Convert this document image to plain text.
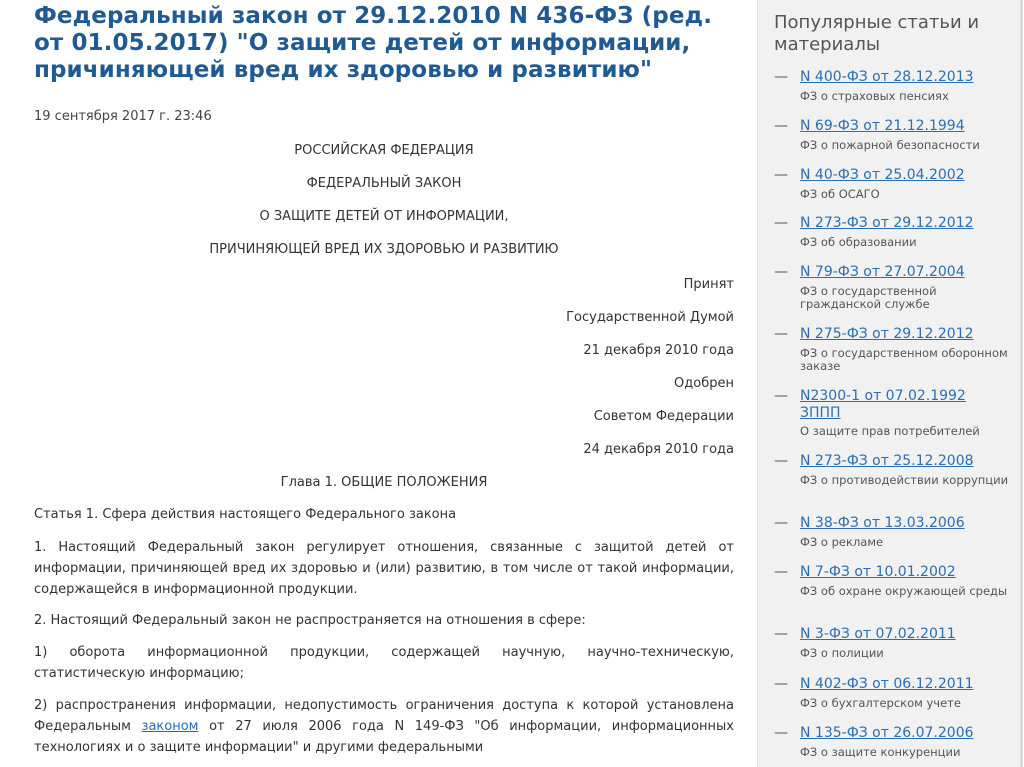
Федеральный закон от 29.12.2010 N 436-ФЗ (ред. от 01.05.2017) "О защите детей от информации, причиняющей вред их здоровью и развитию"
19 сентября 2017 г. 23:46
РОССИЙСКАЯ ФЕДЕРАЦИЯ
ФЕДЕРАЛЬНЫЙ ЗАКОН
О ЗАЩИТЕ ДЕТЕЙ ОТ ИНФОРМАЦИИ,
ПРИЧИНЯЮЩЕЙ ВРЕД ИХ ЗДОРОВЬЮ И РАЗВИТИЮ
Принят
Государственной Думой
21 декабря 2010 года
Одобрен
Советом Федерации
24 декабря 2010 года
Глава 1. ОБЩИЕ ПОЛОЖЕНИЯ
Статья 1. Сфера действия настоящего Федерального закона

1. Настоящий Федеральный закон регулирует отношения, связанные с защитой детей от информации, причиняющей вред их здоровью и (или) развитию, в том числе от такой информации, содержащейся в информационной продукции.

2. Настоящий Федеральный закон не распространяется на отношения в сфере:

1) оборота информационной продукции, содержащей научную, научно-техническую, статистическую информацию;

2) распространения информации, недопустимость ограничения доступа к которой установлена Федеральным законом от 27 июля 2006 года N 149-ФЗ "Об информации, информационных технологиях и о защите информации" и другими федеральными

Популярные статьи и материалы
— N 400-ФЗ от 28.12.2013
ФЗ о страховых пенсиях
— N 69-ФЗ от 21.12.1994
ФЗ о пожарной безопасности
— N 40-ФЗ от 25.04.2002
ФЗ об ОСАГО
— N 273-ФЗ от 29.12.2012
ФЗ об образовании
— N 79-ФЗ от 27.07.2004
ФЗ о государственной гражданской службе
— N 275-ФЗ от 29.12.2012
ФЗ о государственном оборонном заказе
— N2300-1 от 07.02.1992 ЗППП
О защите прав потребителей
— N 273-ФЗ от 25.12.2008
ФЗ о противодействии коррупции
— N 38-ФЗ от 13.03.2006
ФЗ о рекламе
— N 7-ФЗ от 10.01.2002
ФЗ об охране окружающей среды
— N 3-ФЗ от 07.02.2011
ФЗ о полиции
— N 402-ФЗ от 06.12.2011
ФЗ о бухгалтерском учете
— N 135-ФЗ от 26.07.2006
ФЗ о защите конкуренции
